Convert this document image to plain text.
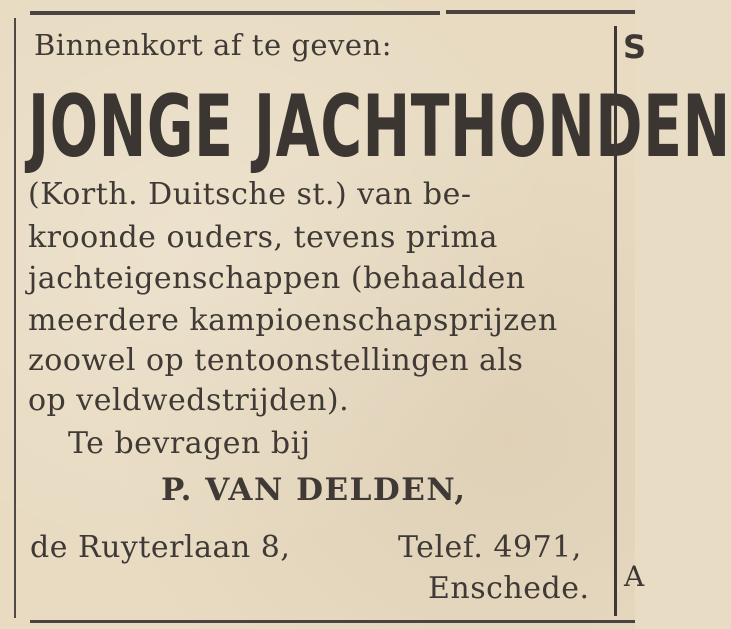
Binnenkort af te geven:
JONGE JACHTHONDEN
(Korth. Duitsche st.) van be-
kroonde ouders, tevens prima
jachteigenschappen (behaalden
meerdere kampioenschapsprijzen
zoowel op tentoonstellingen als
op veldwedstrijden).
Te bevragen bij
P. VAN DELDEN,
de Ruyterlaan 8,	Telef. 4971,
Enschede.
S
A
